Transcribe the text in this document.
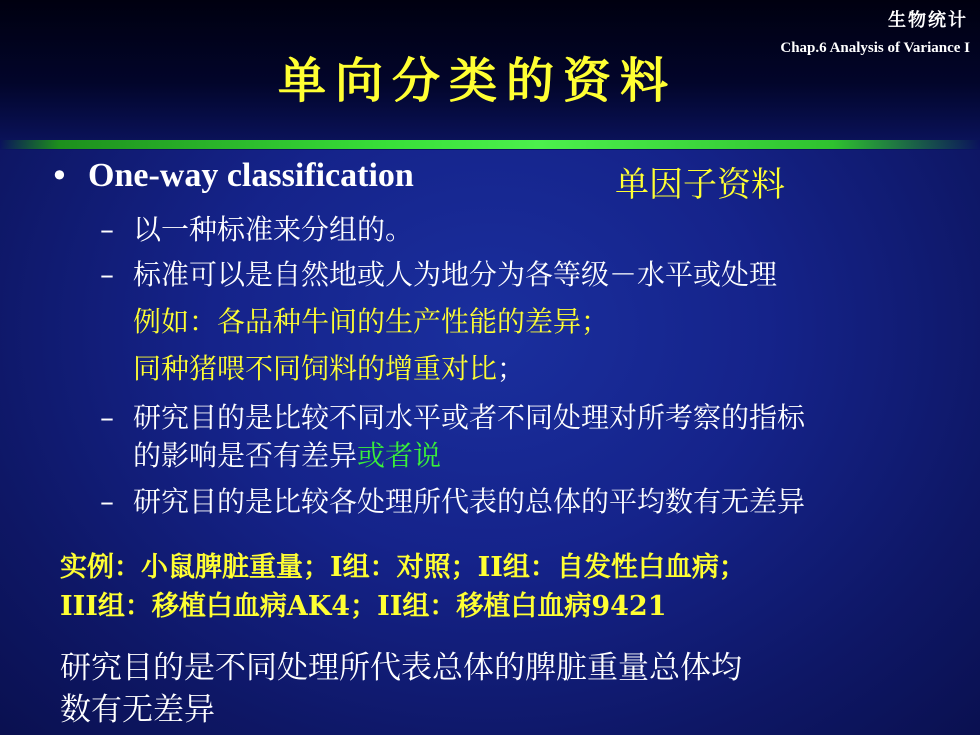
生物统计
Chap.6 Analysis of Variance I
单向分类的资料
• One-way classification	单因子资料
– 以一种标准来分组的。
– 标准可以是自然地或人为地分为各等级－水平或处理
例如：各品种牛间的生产性能的差异；
同种猪喂不同饲料的增重对比；
– 研究目的是比较不同水平或者不同处理对所考察的指标
的影响是否有差异或者说
– 研究目的是比较各处理所代表的总体的平均数有无差异
实例：小鼠脾脏重量；I组：对照；II组：自发性白血病；
III组：移植白血病AK4；II组：移植白血病9421
研究目的是不同处理所代表总体的脾脏重量总体均
数有无差异
